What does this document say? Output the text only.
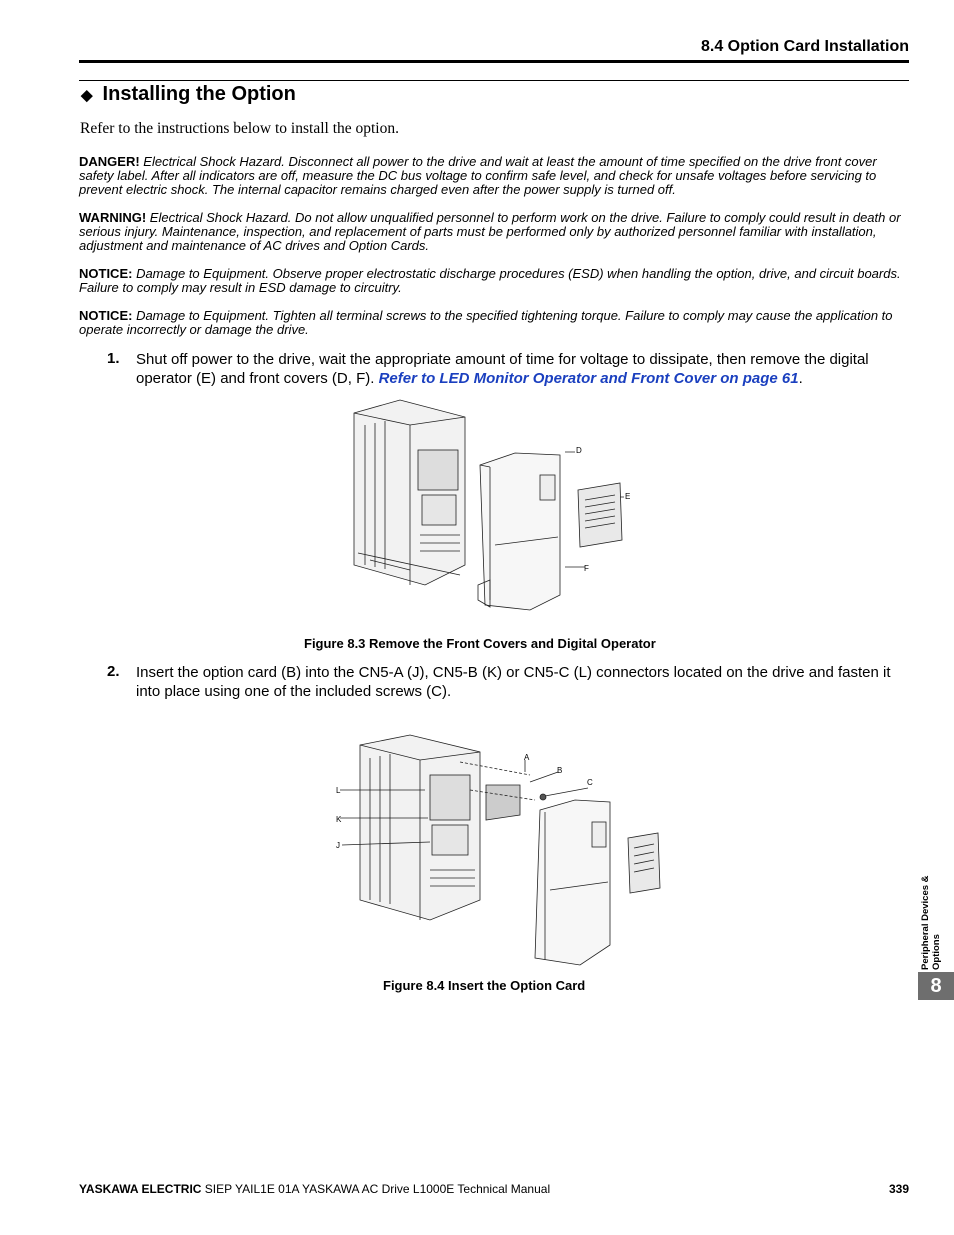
8.4 Option Card Installation
◆ Installing the Option
Refer to the instructions below to install the option.
DANGER! Electrical Shock Hazard. Disconnect all power to the drive and wait at least the amount of time specified on the drive front cover safety label. After all indicators are off, measure the DC bus voltage to confirm safe level, and check for unsafe voltages before servicing to prevent electric shock. The internal capacitor remains charged even after the power supply is turned off.
WARNING! Electrical Shock Hazard. Do not allow unqualified personnel to perform work on the drive. Failure to comply could result in death or serious injury. Maintenance, inspection, and replacement of parts must be performed only by authorized personnel familiar with installation, adjustment and maintenance of AC drives and Option Cards.
NOTICE: Damage to Equipment. Observe proper electrostatic discharge procedures (ESD) when handling the option, drive, and circuit boards. Failure to comply may result in ESD damage to circuitry.
NOTICE: Damage to Equipment. Tighten all terminal screws to the specified tightening torque. Failure to comply may cause the application to operate incorrectly or damage the drive.
1. Shut off power to the drive, wait the appropriate amount of time for voltage to dissipate, then remove the digital operator (E) and front covers (D, F). Refer to LED Monitor Operator and Front Cover on page 61.
D
E
F
Figure 8.3 Remove the Front Covers and Digital Operator
2. Insert the option card (B) into the CN5-A (J), CN5-B (K) or CN5-C (L) connectors located on the drive and fasten it into place using one of the included screws (C).
A
B
C
L
K
J
Figure 8.4 Insert the Option Card
Peripheral Devices & Options
8
YASKAWA ELECTRIC SIEP YAIL1E 01A YASKAWA AC Drive L1000E Technical Manual	339
